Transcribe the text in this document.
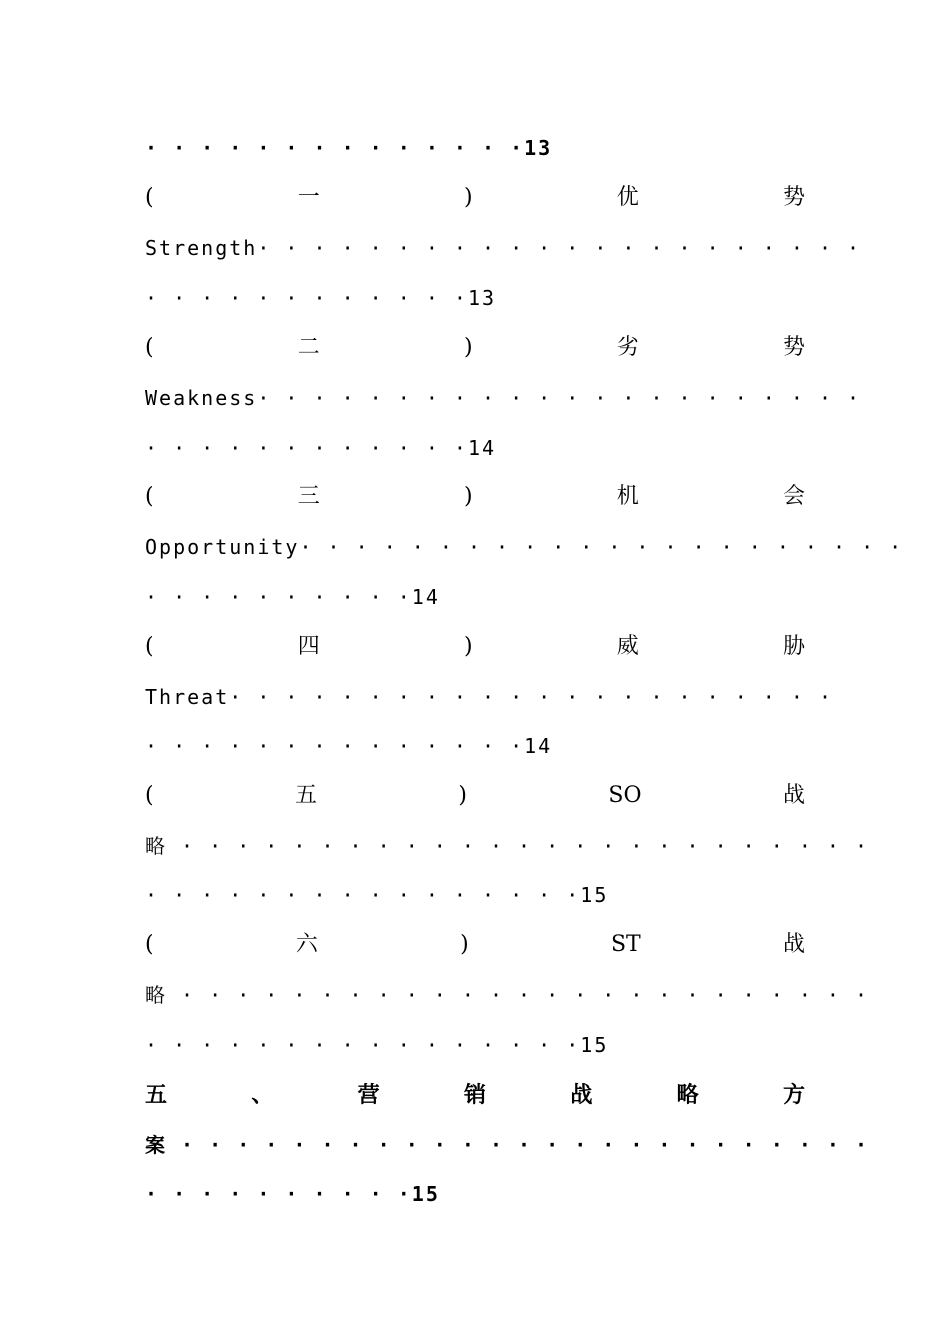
· · · · · · · · · · · · · ·13
(	一	)	优	势
Strength· · · · · · · · · · · · · · · · · · · · · ·
· · · · · · · · · · · ·13
(	二	)	劣	势
Weakness· · · · · · · · · · · · · · · · · · · · · ·
· · · · · · · · · · · ·14
(	三	)	机	会
Opportunity· · · · · · · · · · · · · · · · · · · · · ·
· · · · · · · · · ·14
(	四	)	威	胁
Threat· · · · · · · · · · · · · · · · · · · · · ·
· · · · · · · · · · · · · ·14
(	五	)	SO	战
略 · · · · · · · · · · · · · · · · · · · · · · · · ·
· · · · · · · · · · · · · · · ·15
(	六	)	ST	战
略 · · · · · · · · · · · · · · · · · · · · · · · · ·
· · · · · · · · · · · · · · · ·15
五	、	营	销	战	略	方
案 · · · · · · · · · · · · · · · · · · · · · · · · ·
· · · · · · · · · ·15
